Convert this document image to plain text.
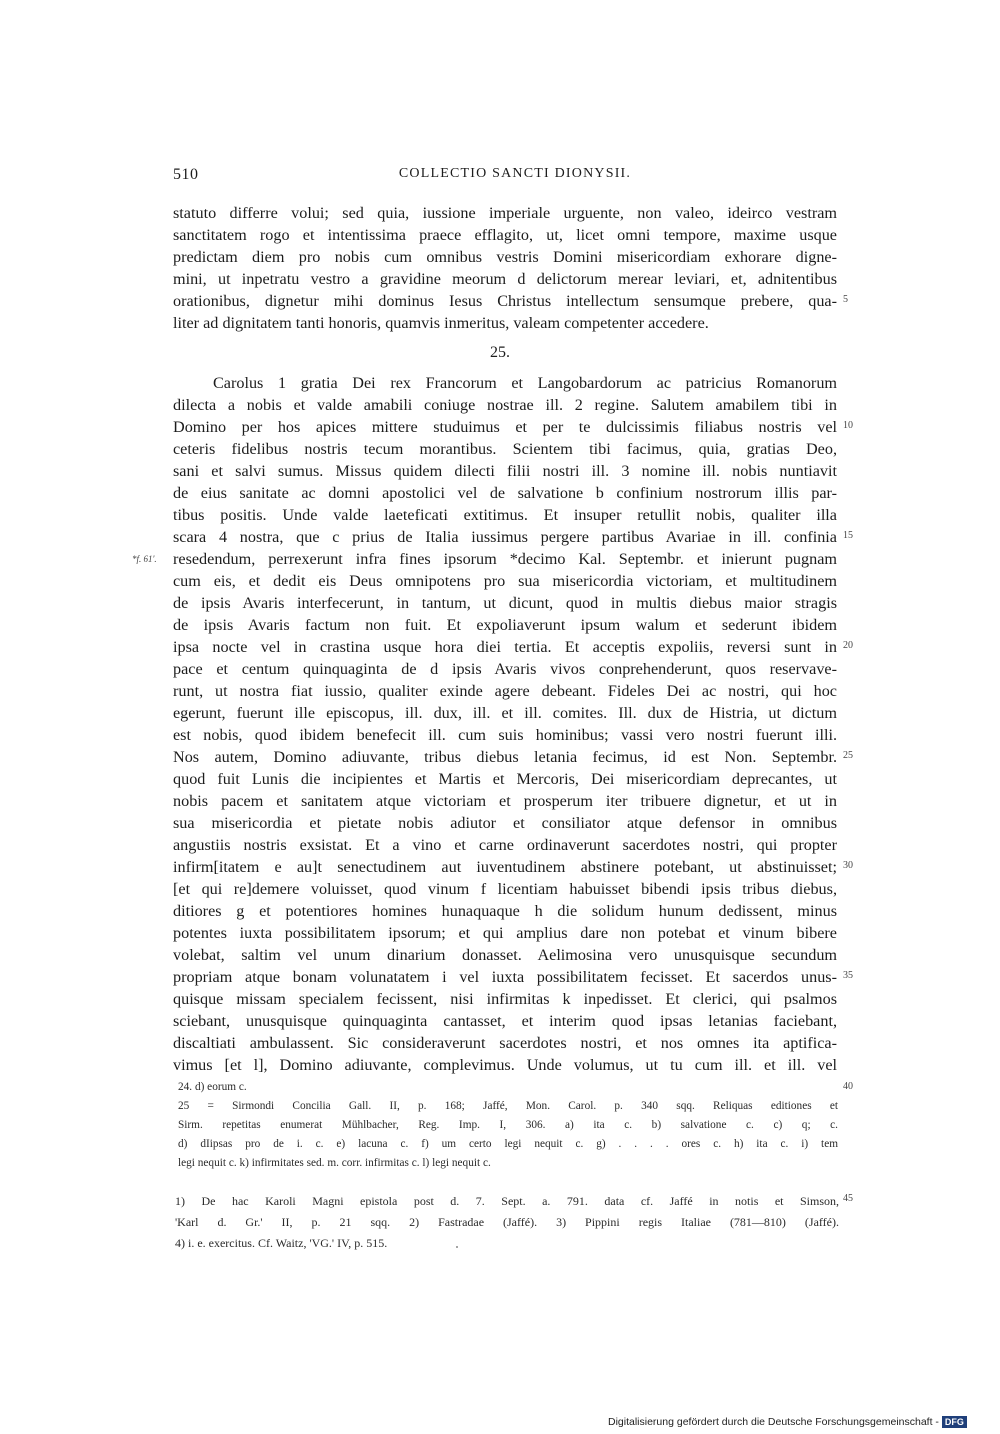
510	COLLECTIO SANCTI DIONYSII.
statuto differre volui; sed quia, iussione imperiale urguente, non valeo, ideirco vestram
sanctitatem rogo et intentissima praece efflagito, ut, licet omni tempore, maxime usque
predictam diem pro nobis cum omnibus vestris Domini misericordiam exhorare digne-
mini, ut inpetratu vestro a gravidine meorum d delictorum merear leviari, et, adnitentibus
orationibus, dignetur mihi dominus Iesus Christus intellectum sensumque prebere, qua-
liter ad dignitatem tanti honoris, quamvis inmeritus, valeam competenter accedere.
25.
Carolus 1 gratia Dei rex Francorum et Langobardorum ac patricius Romanorum
dilecta a nobis et valde amabili coniuge nostrae ill. 2 regine. Salutem amabilem tibi in
Domino per hos apices mittere studuimus et per te dulcissimis filiabus nostris vel
ceteris fidelibus nostris tecum morantibus. Scientem tibi facimus, quia, gratias Deo,
sani et salvi sumus. Missus quidem dilecti filii nostri ill. 3 nomine ill. nobis nuntiavit
de eius sanitate ac domni apostolici vel de salvatione b confinium nostrorum illis par-
tibus positis. Unde valde laeteficati extitimus. Et insuper retullit nobis, qualiter illa
scara 4 nostra, que c prius de Italia iussimus pergere partibus Avariae in ill. confinia
resedendum, perrexerunt infra fines ipsorum *decimo Kal. Septembr. et inierunt pugnam
cum eis, et dedit eis Deus omnipotens pro sua misericordia victoriam, et multitudinem
de ipsis Avaris interfecerunt, in tantum, ut dicunt, quod in multis diebus maior stragis
de ipsis Avaris factum non fuit. Et expoliaverunt ipsum walum et sederunt ibidem
ipsa nocte vel in crastina usque hora diei tertia. Et acceptis expoliis, reversi sunt in
pace et centum quinquaginta de d ipsis Avaris vivos conprehenderunt, quos reservave-
runt, ut nostra fiat iussio, qualiter exinde agere debeant. Fideles Dei ac nostri, qui hoc
egerunt, fuerunt ille episcopus, ill. dux, ill. et ill. comites. Ill. dux de Histria, ut dictum
est nobis, quod ibidem benefecit ill. cum suis hominibus; vassi vero nostri fuerunt illi.
Nos autem, Domino adiuvante, tribus diebus letania fecimus, id est Non. Septembr.
quod fuit Lunis die incipientes et Martis et Mercoris, Dei misericordiam deprecantes, ut
nobis pacem et sanitatem atque victoriam et prosperum iter tribuere dignetur, et ut in
sua misericordia et pietate nobis adiutor et consiliator atque defensor in omnibus
angustiis nostris exsistat. Et a vino et carne ordinaverunt sacerdotes nostri, qui propter
infirm[itatem e au]t senectudinem aut iuventudinem abstinere potebant, ut abstinuisset;
[et qui re]demere voluisset, quod vinum f licentiam habuisset bibendi ipsis tribus diebus,
ditiores g et potentiores homines hunaquaque h die solidum hunum dedissent, minus
potentes iuxta possibilitatem ipsorum; et qui amplius dare non potebat et vinum bibere
volebat, saltim vel unum dinarium donasset. Aelimosina vero unusquisque secundum
propriam atque bonam volunatatem i vel iuxta possibilitatem fecisset. Et sacerdos unus-
quisque missam specialem fecissent, nisi infirmitas k inpedisset. Et clerici, qui psalmos
sciebant, unusquisque quinquaginta cantasset, et interim quod ipsas letanias faciebant,
discaltiati ambulassent. Sic consideraverunt sacerdotes nostri, et nos omnes ita aptifica-
vimus [et l], Domino adiuvante, complevimus. Unde volumus, ut tu cum ill. et ill. vel
5
10
15
20
25
30
35
40
45
*f. 61'.
24. d) eorum c.
25 = Sirmondi Concilia Gall. II, p. 168; Jaffé, Mon. Carol. p. 340 sqq. Reliquas editiones et
Sirm. repetitas enumerat Mühlbacher, Reg. Imp. I, 306. a) ita c. b) salvatione c. c) q; c.
d) dIipsas pro de i. c. e) lacuna c. f) um certo legi nequit c. g) . . . . ores c. h) ita c. i) tem
legi nequit c. k) infirmitates sed. m. corr. infirmitas c. l) legi nequit c.
1) De hac Karoli Magni epistola post d. 7. Sept. a. 791. data cf. Jaffé in notis et Simson,
'Karl d. Gr.' II, p. 21 sqq. 2) Fastradae (Jaffé). 3) Pippini regis Italiae (781—810) (Jaffé).
4) i. e. exercitus. Cf. Waitz, 'VG.' IV, p. 515.
Digitalisierung gefördert durch die Deutsche Forschungsgemeinschaft - DFG
